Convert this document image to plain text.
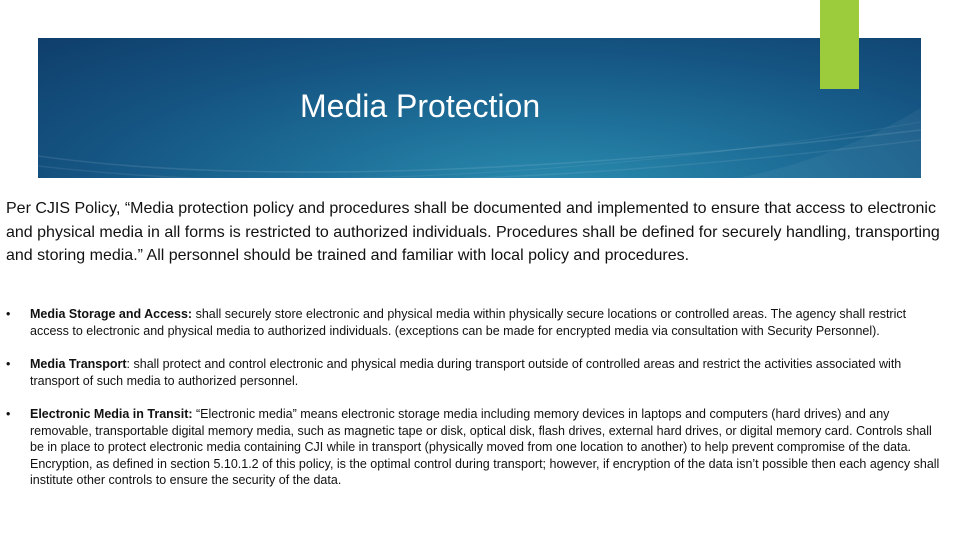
Media Protection

Per CJIS Policy, “Media protection policy and procedures shall be documented and implemented to ensure that access to electronic and physical media in all forms is restricted to authorized individuals. Procedures shall be defined for securely handling, transporting and storing media.” All personnel should be trained and familiar with local policy and procedures.

•	Media Storage and Access: shall securely store electronic and physical media within physically secure locations or controlled areas. The agency shall restrict access to electronic and physical media to authorized individuals. (exceptions can be made for encrypted media via consultation with Security Personnel).
•	Media Transport: shall protect and control electronic and physical media during transport outside of controlled areas and restrict the activities associated with transport of such media to authorized personnel.
•	Electronic Media in Transit: “Electronic media” means electronic storage media including memory devices in laptops and computers (hard drives) and any removable, transportable digital memory media, such as magnetic tape or disk, optical disk, flash drives, external hard drives, or digital memory card. Controls shall be in place to protect electronic media containing CJI while in transport (physically moved from one location to another) to help prevent compromise of the data. Encryption, as defined in section 5.10.1.2 of this policy, is the optimal control during transport; however, if encryption of the data isn’t possible then each agency shall institute other controls to ensure the security of the data.
